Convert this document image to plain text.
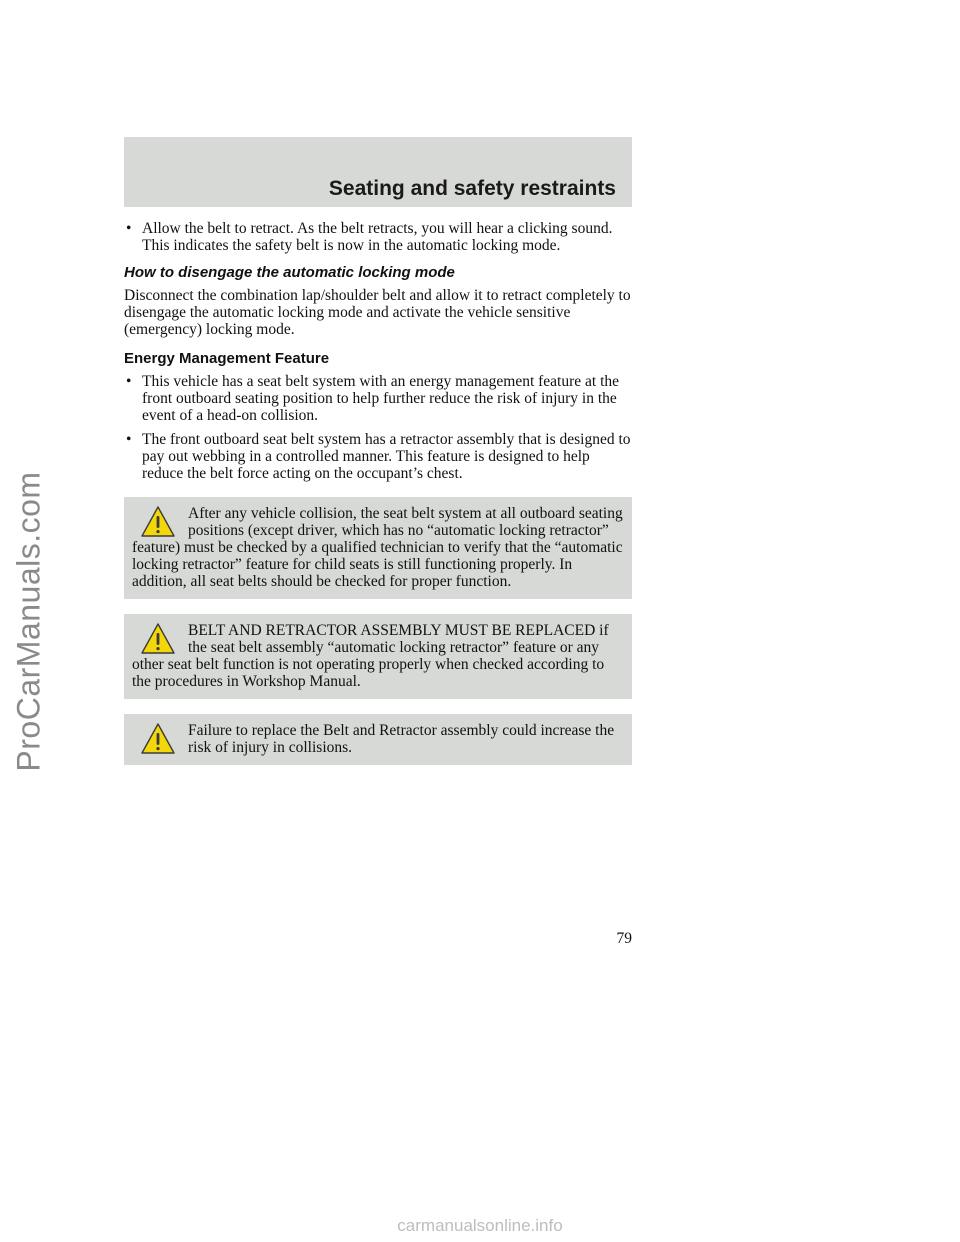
ProCarManuals.com
Seating and safety restraints
• Allow the belt to retract. As the belt retracts, you will hear a clicking sound. This indicates the safety belt is now in the automatic locking mode.
How to disengage the automatic locking mode
Disconnect the combination lap/shoulder belt and allow it to retract completely to disengage the automatic locking mode and activate the vehicle sensitive (emergency) locking mode.
Energy Management Feature
• This vehicle has a seat belt system with an energy management feature at the front outboard seating position to help further reduce the risk of injury in the event of a head-on collision.
• The front outboard seat belt system has a retractor assembly that is designed to pay out webbing in a controlled manner. This feature is designed to help reduce the belt force acting on the occupant’s chest.

After any vehicle collision, the seat belt system at all outboard seating positions (except driver, which has no “automatic locking retractor” feature) must be checked by a qualified technician to verify that the “automatic locking retractor” feature for child seats is still functioning properly. In addition, all seat belts should be checked for proper function.

BELT AND RETRACTOR ASSEMBLY MUST BE REPLACED if the seat belt assembly “automatic locking retractor” feature or any other seat belt function is not operating properly when checked according to the procedures in Workshop Manual.

Failure to replace the Belt and Retractor assembly could increase the risk of injury in collisions.

79
carmanualsonline.info
